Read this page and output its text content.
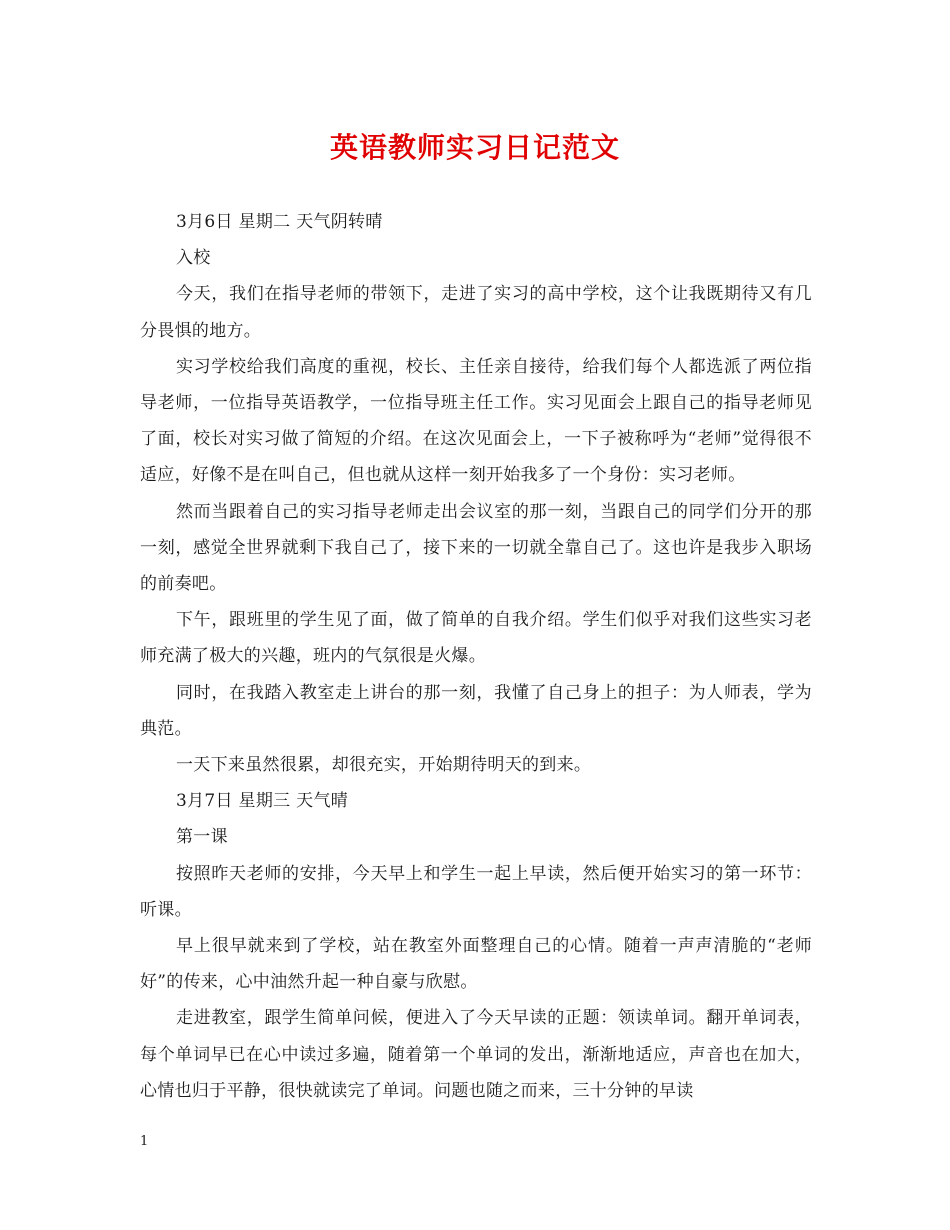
英语教师实习日记范文

3月6日 星期二 天气阴转晴

入校

今天，我们在指导老师的带领下，走进了实习的高中学校，这个让我既期待又有几分畏惧的地方。

实习学校给我们高度的重视，校长、主任亲自接待，给我们每个人都选派了两位指导老师，一位指导英语教学，一位指导班主任工作。实习见面会上跟自己的指导老师见了面，校长对实习做了简短的介绍。在这次见面会上，一下子被称呼为“老师”觉得很不适应，好像不是在叫自己，但也就从这样一刻开始我多了一个身份：实习老师。

然而当跟着自己的实习指导老师走出会议室的那一刻，当跟自己的同学们分开的那一刻，感觉全世界就剩下我自己了，接下来的一切就全靠自己了。这也许是我步入职场的前奏吧。

下午，跟班里的学生见了面，做了简单的自我介绍。学生们似乎对我们这些实习老师充满了极大的兴趣，班内的气氛很是火爆。

同时，在我踏入教室走上讲台的那一刻，我懂了自己身上的担子：为人师表，学为典范。

一天下来虽然很累，却很充实，开始期待明天的到来。

3月7日 星期三 天气晴

第一课

按照昨天老师的安排，今天早上和学生一起上早读，然后便开始实习的第一环节：听课。

早上很早就来到了学校，站在教室外面整理自己的心情。随着一声声清脆的“老师好”的传来，心中油然升起一种自豪与欣慰。

走进教室，跟学生简单问候，便进入了今天早读的正题：领读单词。翻开单词表，每个单词早已在心中读过多遍，随着第一个单词的发出，渐渐地适应，声音也在加大，心情也归于平静，很快就读完了单词。问题也随之而来，三十分钟的早读

1
